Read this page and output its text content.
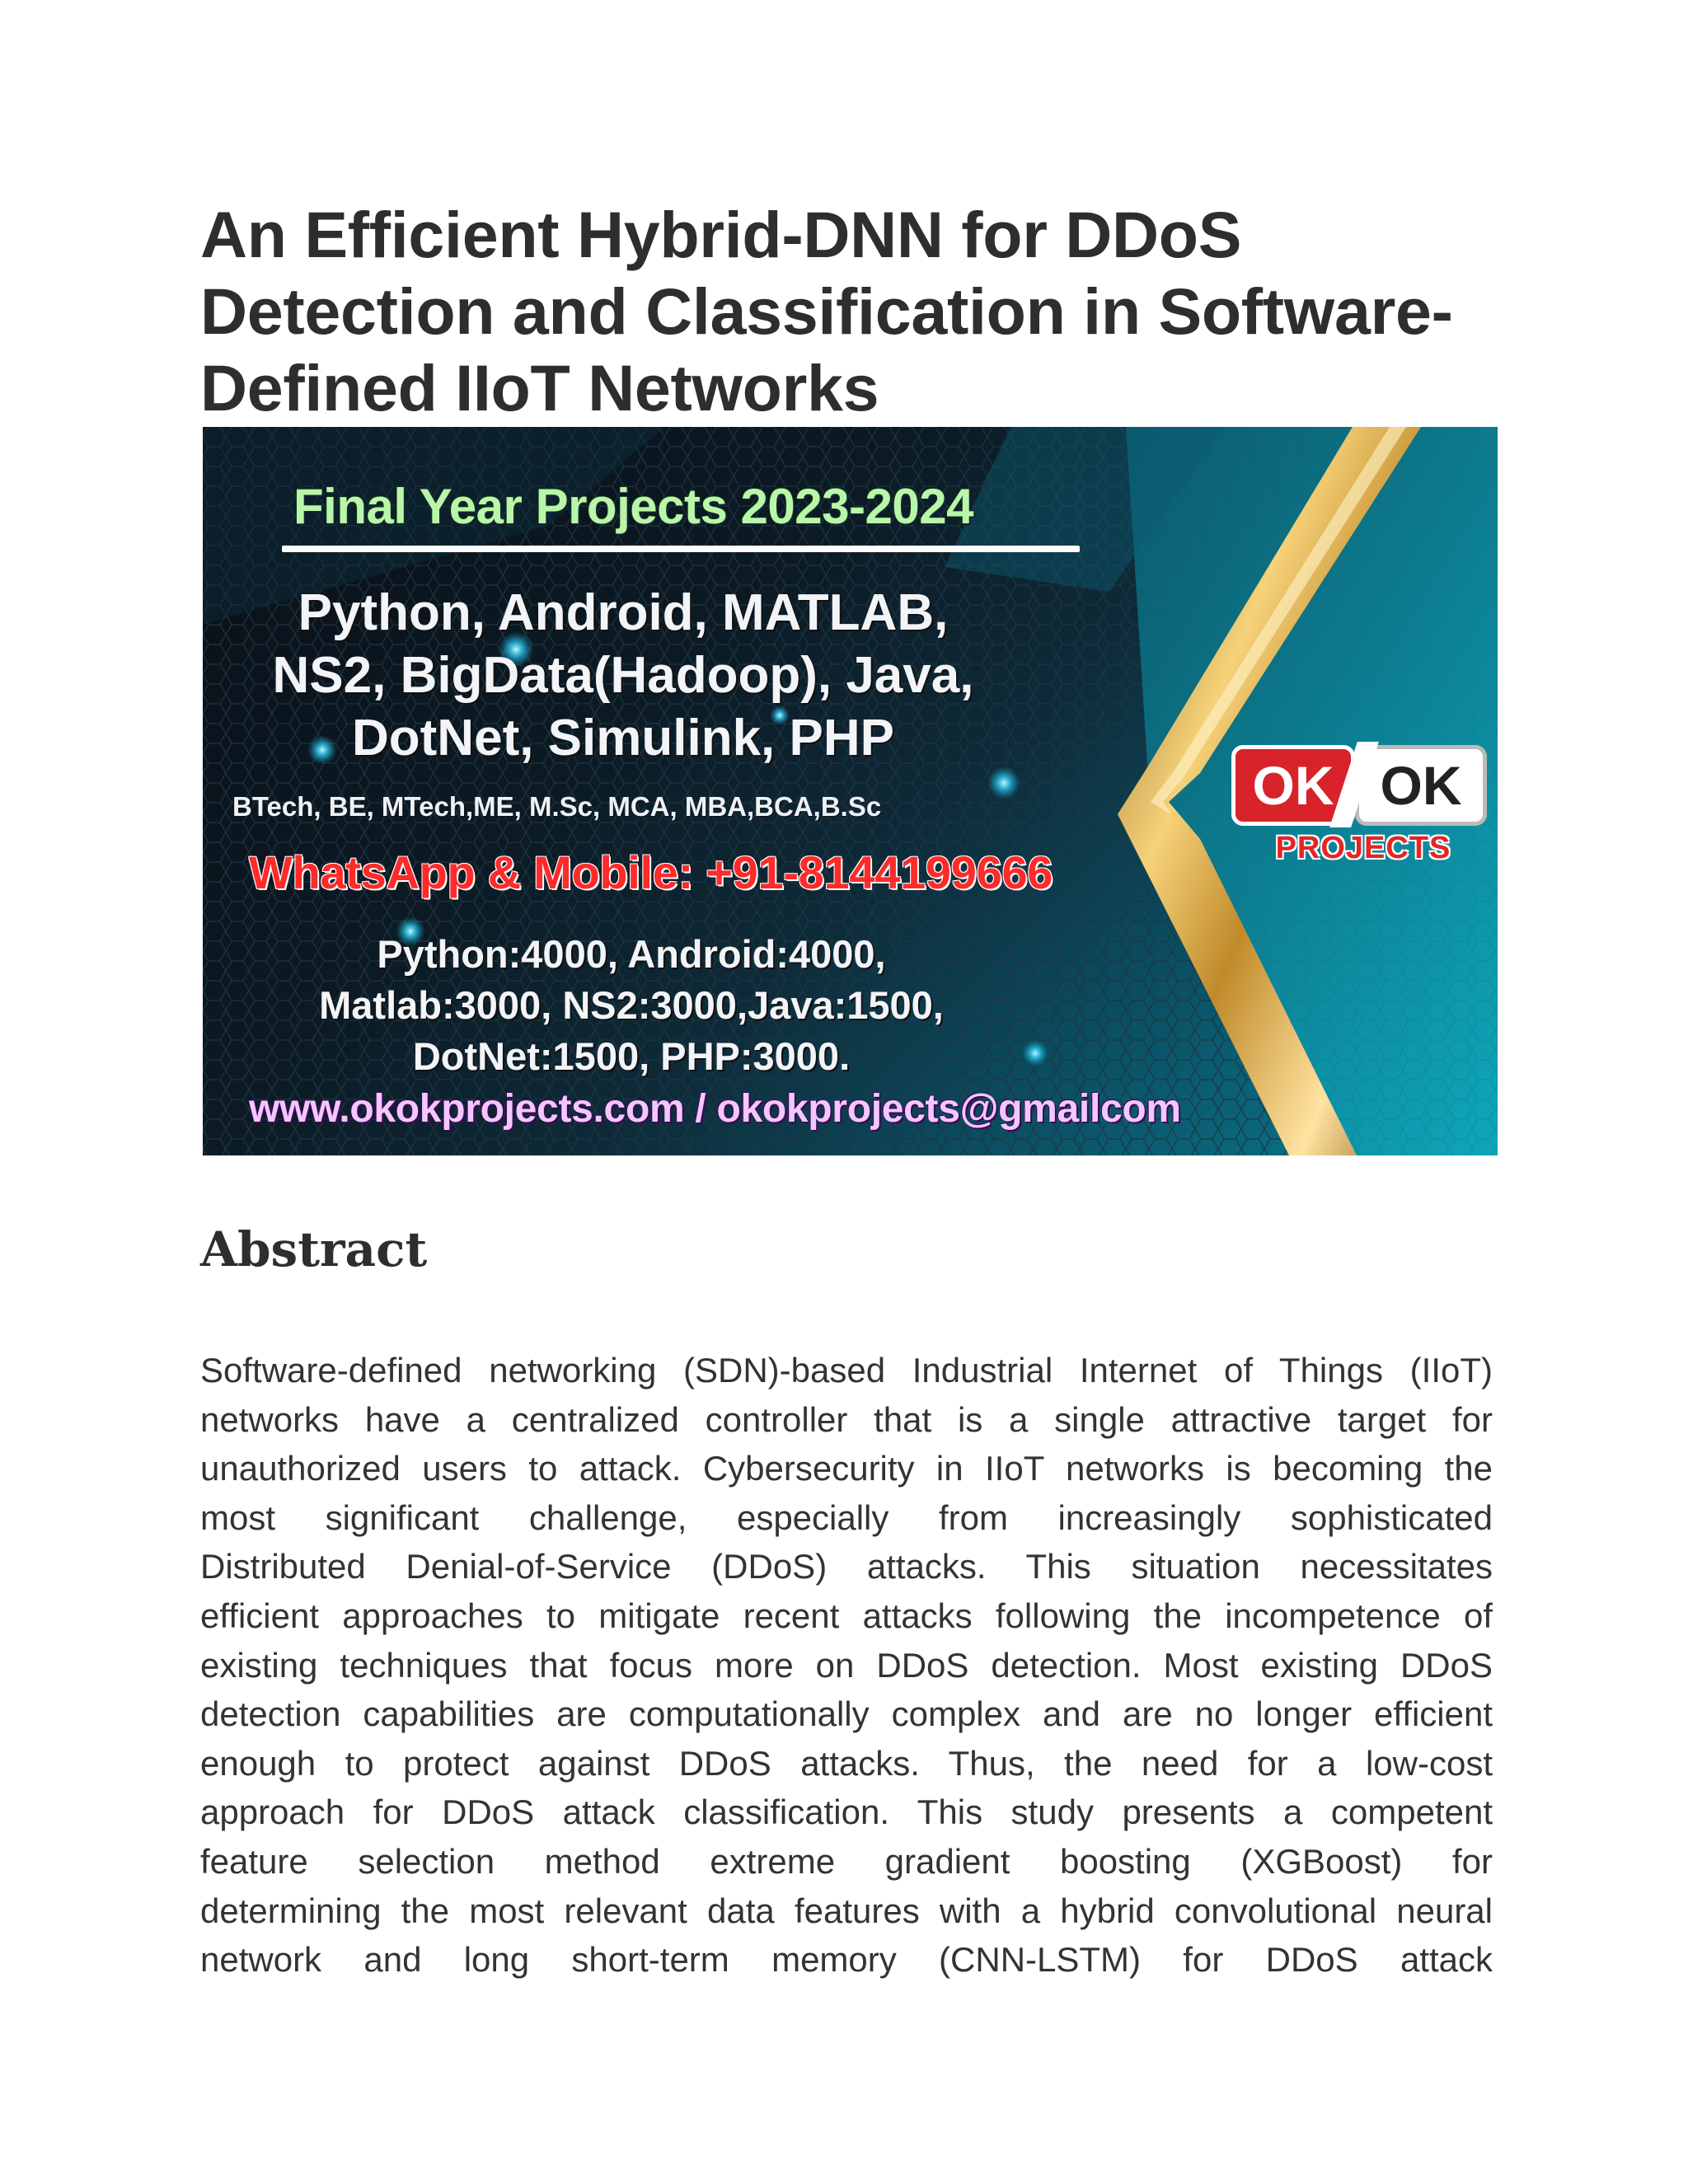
An Efficient Hybrid-DNN for DDoS
Detection and Classification in Software-
Defined IIoT Networks
Final Year Projects 2023-2024
Python, Android, MATLAB,
NS2, BigData(Hadoop), Java,
DotNet, Simulink, PHP
BTech, BE, MTech,ME, M.Sc, MCA, MBA,BCA,B.Sc
WhatsApp & Mobile: +91-8144199666
Python:4000, Android:4000,
Matlab:3000, NS2:3000,Java:1500,
DotNet:1500, PHP:3000.
www.okokprojects.com / okokprojects@gmailcom
OK OK
PROJECTS
Abstract
Software-defined networking (SDN)-based Industrial Internet of Things (IIoT)
networks have a centralized controller that is a single attractive target for
unauthorized users to attack. Cybersecurity in IIoT networks is becoming the
most significant challenge, especially from increasingly sophisticated
Distributed Denial-of-Service (DDoS) attacks. This situation necessitates
efficient approaches to mitigate recent attacks following the incompetence of
existing techniques that focus more on DDoS detection. Most existing DDoS
detection capabilities are computationally complex and are no longer efficient
enough to protect against DDoS attacks. Thus, the need for a low-cost
approach for DDoS attack classification. This study presents a competent
feature selection method extreme gradient boosting (XGBoost) for
determining the most relevant data features with a hybrid convolutional neural
network and long short-term memory (CNN-LSTM) for DDoS attack
